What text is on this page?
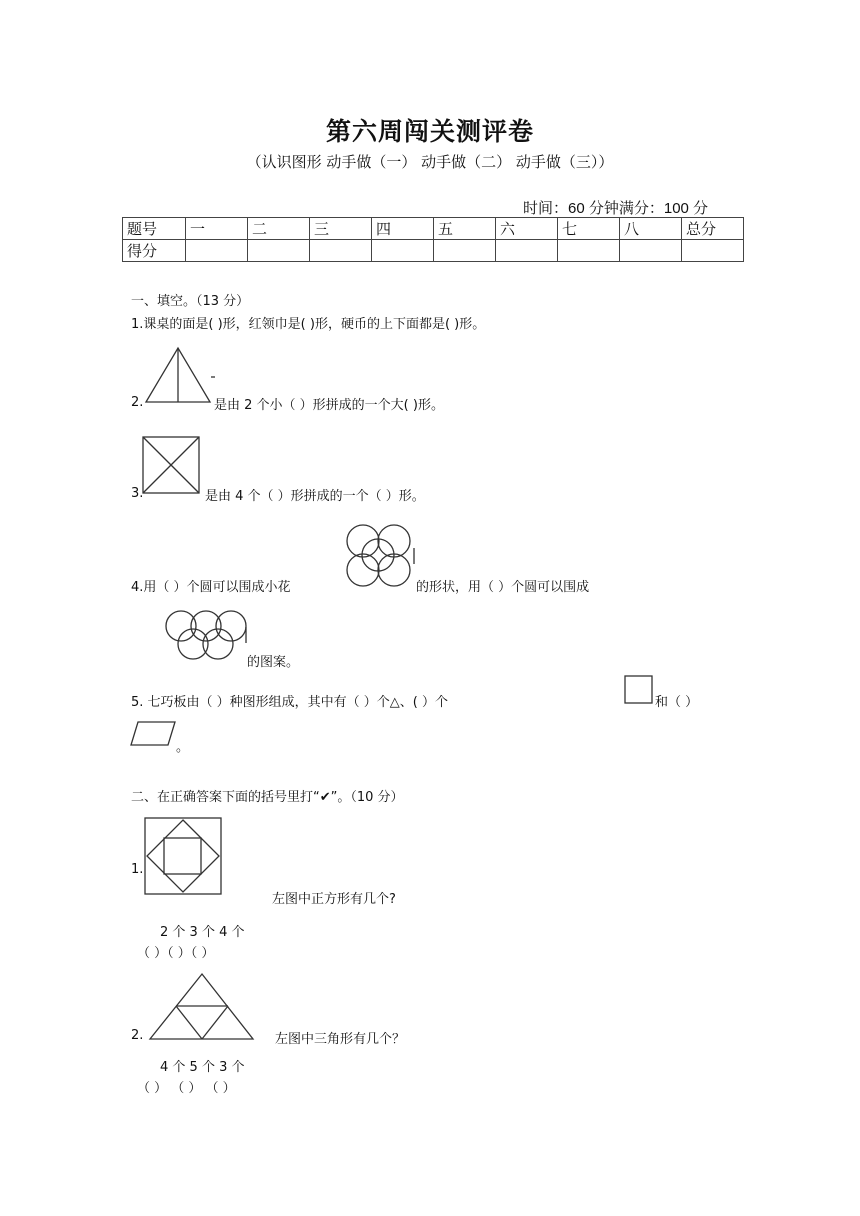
第六周闯关测评卷
（认识图形 动手做（一） 动手做（二） 动手做（三））
时间：60 分钟满分：100 分
题号	一	二	三	四	五	六	七	八	总分
得分									
一、填空。（13 分）
1.课桌的面是( )形，红领巾是( )形，硬币的上下面都是( )形。
2.	是由 2 个小（ ）形拼成的一个大( )形。
3.	是由 4 个（ ）形拼成的一个（ ）形。
4.用（ ）个圆可以围成小花	的形状，用（ ）个圆可以围成
的图案。
5. 七巧板由（ ）种图形组成，其中有（ ）个△、( ）个	和（ ）
。
二、在正确答案下面的括号里打“✔”。（10 分）
1.
左图中正方形有几个?
2 个 3 个 4 个
（ ）（ ）（ ）
2.	左图中三角形有几个？
4 个 5 个 3 个
（ ） （ ） （ ）
